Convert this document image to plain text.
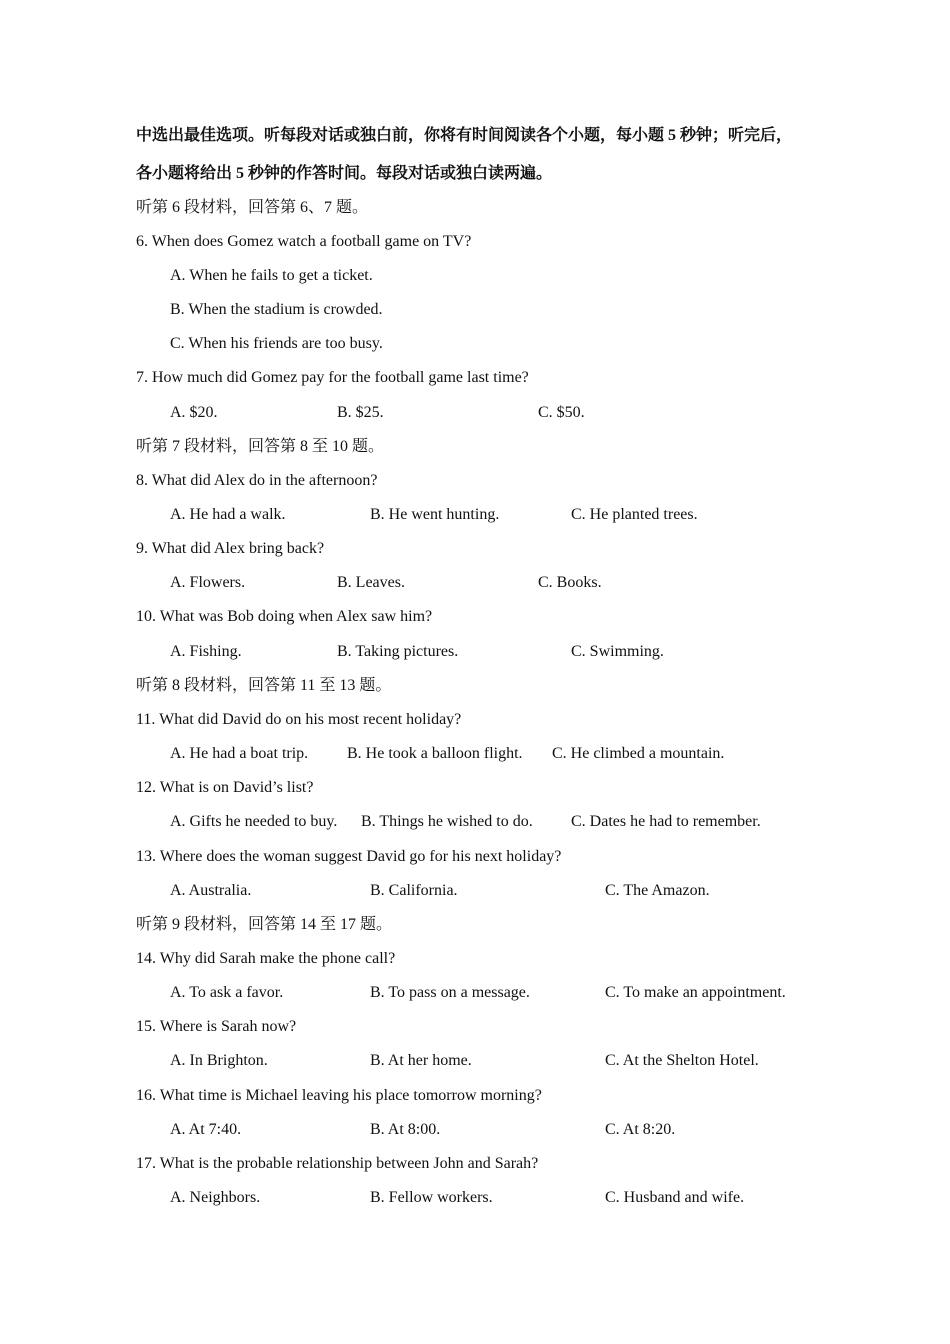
中选出最佳选项。听每段对话或独白前，你将有时间阅读各个小题，每小题 5 秒钟；听完后，
各小题将给出 5 秒钟的作答时间。每段对话或独白读两遍。
听第 6 段材料，回答第 6、7 题。
6. When does Gomez watch a football game on TV?
A. When he fails to get a ticket.
B. When the stadium is crowded.
C. When his friends are too busy.
7. How much did Gomez pay for the football game last time?
A. $20.	B. $25.	C. $50.
听第 7 段材料，回答第 8 至 10 题。
8. What did Alex do in the afternoon?
A. He had a walk.	B. He went hunting.	C. He planted trees.
9. What did Alex bring back?
A. Flowers.	B. Leaves.	C. Books.
10. What was Bob doing when Alex saw him?
A. Fishing.	B. Taking pictures.	C. Swimming.
听第 8 段材料，回答第 11 至 13 题。
11. What did David do on his most recent holiday?
A. He had a boat trip. B. He took a balloon flight. C. He climbed a mountain.
12. What is on David’s list?
A. Gifts he needed to buy. B. Things he wished to do. C. Dates he had to remember.
13. Where does the woman suggest David go for his next holiday?
A. Australia.	B. California.	C. The Amazon.
听第 9 段材料，回答第 14 至 17 题。
14. Why did Sarah make the phone call?
A. To ask a favor.	B. To pass on a message.	C. To make an appointment.
15. Where is Sarah now?
A. In Brighton.	B. At her home.	C. At the Shelton Hotel.
16. What time is Michael leaving his place tomorrow morning?
A. At 7:40.	B. At 8:00.	C. At 8:20.
17. What is the probable relationship between John and Sarah?
A. Neighbors.	B. Fellow workers.	C. Husband and wife.
